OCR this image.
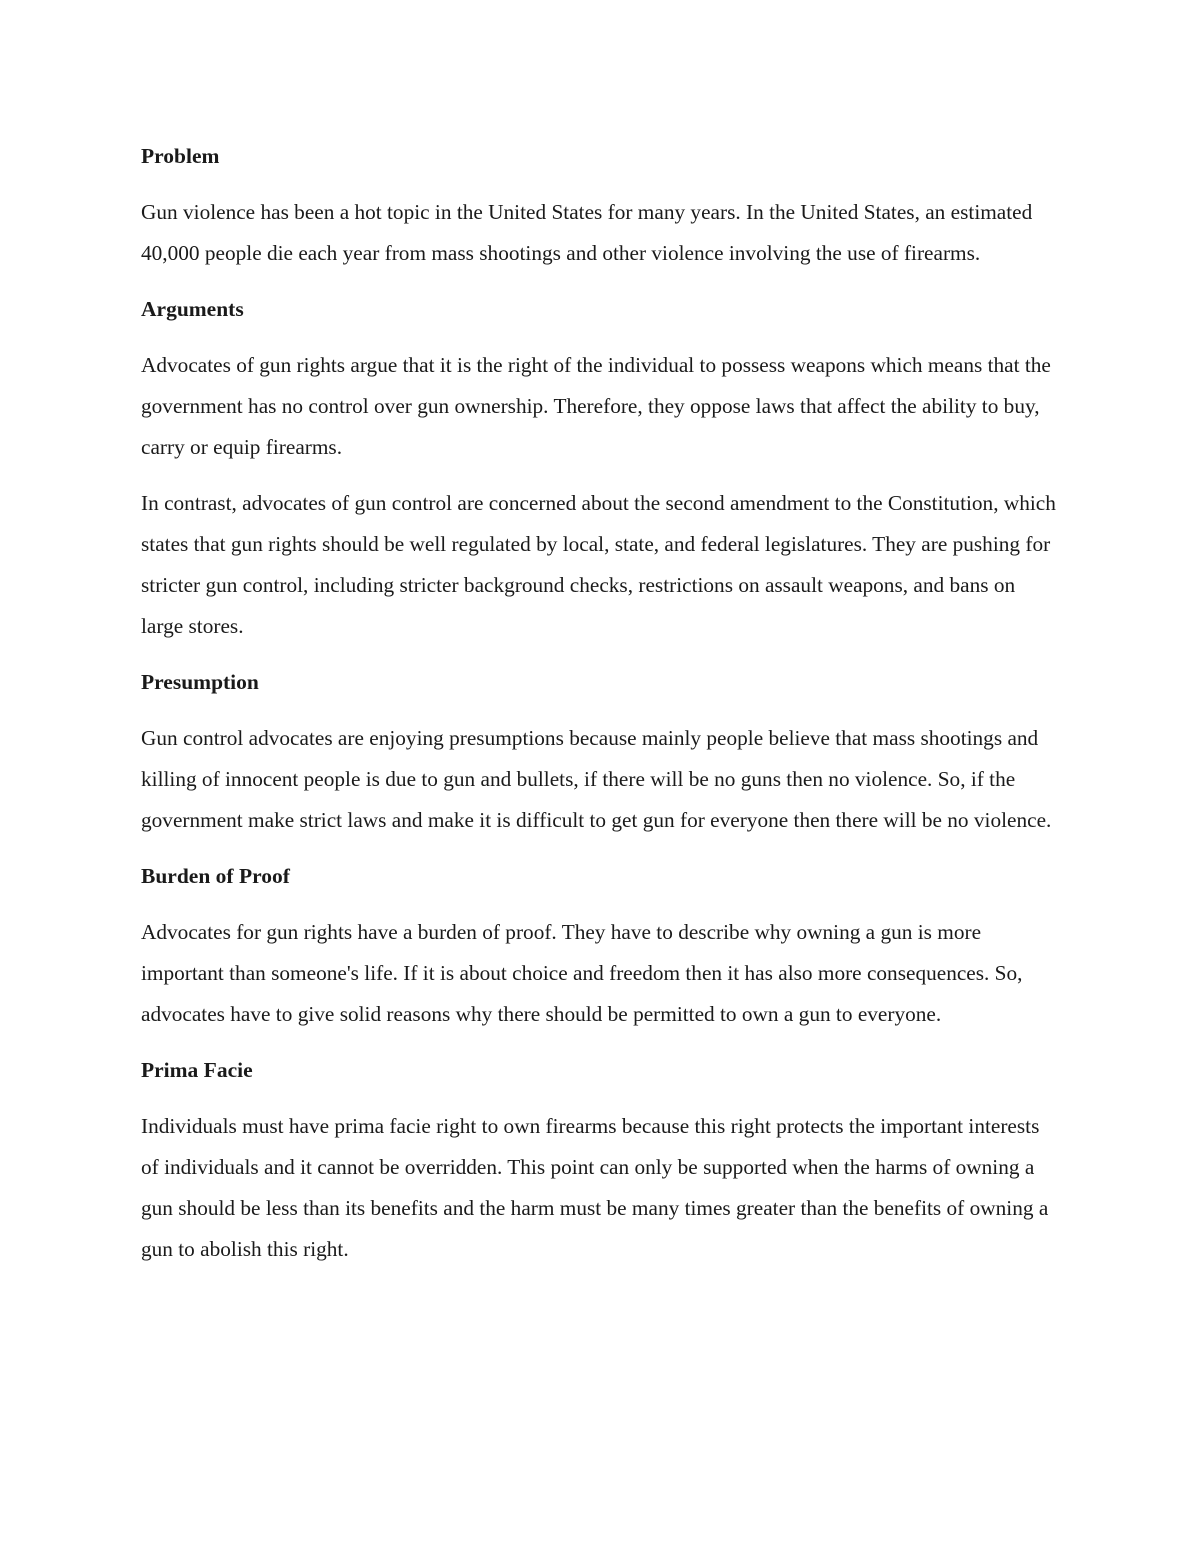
Problem
Gun violence has been a hot topic in the United States for many years. In the United States, an estimated 40,000 people die each year from mass shootings and other violence involving the use of firearms.
Arguments
Advocates of gun rights argue that it is the right of the individual to possess weapons which means that the government has no control over gun ownership. Therefore, they oppose laws that affect the ability to buy, carry or equip firearms.
In contrast, advocates of gun control are concerned about the second amendment to the Constitution, which states that gun rights should be well regulated by local, state, and federal legislatures. They are pushing for stricter gun control, including stricter background checks, restrictions on assault weapons, and bans on large stores.
Presumption
Gun control advocates are enjoying presumptions because mainly people believe that mass shootings and killing of innocent people is due to gun and bullets, if there will be no guns then no violence. So, if the government make strict laws and make it is difficult to get gun for everyone then there will be no violence.
Burden of Proof
Advocates for gun rights have a burden of proof. They have to describe why owning a gun is more important than someone's life. If it is about choice and freedom then it has also more consequences. So, advocates have to give solid reasons why there should be permitted to own a gun to everyone.
Prima Facie
Individuals must have prima facie right to own firearms because this right protects the important interests of individuals and it cannot be overridden. This point can only be supported when the harms of owning a gun should be less than its benefits and the harm must be many times greater than the benefits of owning a gun to abolish this right.
